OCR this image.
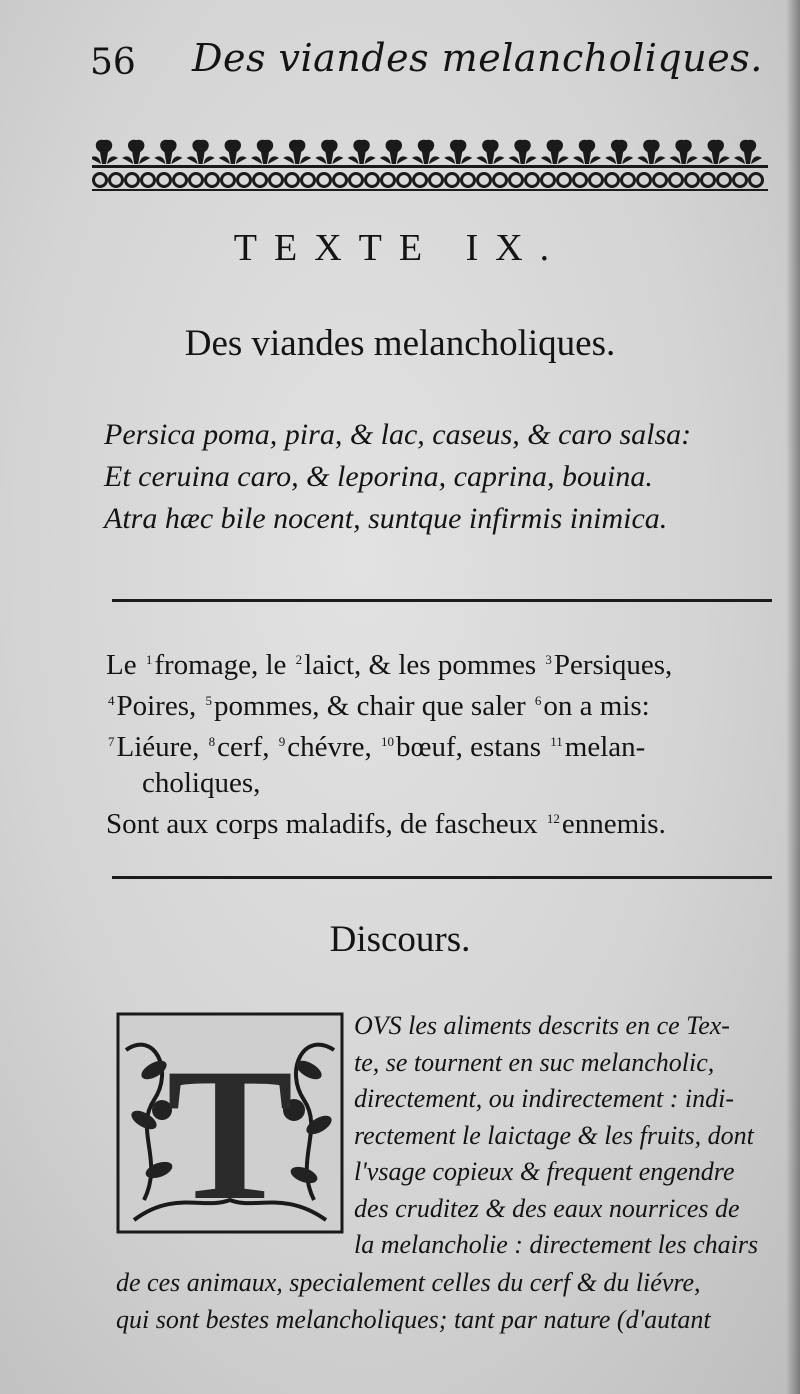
56 Des viandes melancholiques.
TEXTE IX.
Des viandes melancholiques.
Persica poma, pira, & lac, caseus, & caro salsa:
Et ceruina caro, & leporina, caprina, bouina.
Atra hæc bile nocent, suntque infirmis inimica.
Le $^1$fromage, le $^2$laict, & les pommes $^3$Persiques,
$^4$Poires, $^5$pommes, & chair que saler $^6$on a mis:
$^7$Liéure, $^8$cerf, $^9$chévre, $^{10}$bœuf, estans $^{11}$melan-
choliques,
Sont aux corps maladifs, de fascheux $^{12}$ennemis.
Discours.
T
OVS les aliments descrits en ce Tex-
te, se tournent en suc melancholic,
directement, ou indirectement : indi-
rectement le laictage & les fruits, dont
l'vsage copieux & frequent engendre
des cruditez & des eaux nourrices de
la melancholie : directement les chairs
de ces animaux, specialement celles du cerf & du liévre,
qui sont bestes melancholiques; tant par nature (d'autant
